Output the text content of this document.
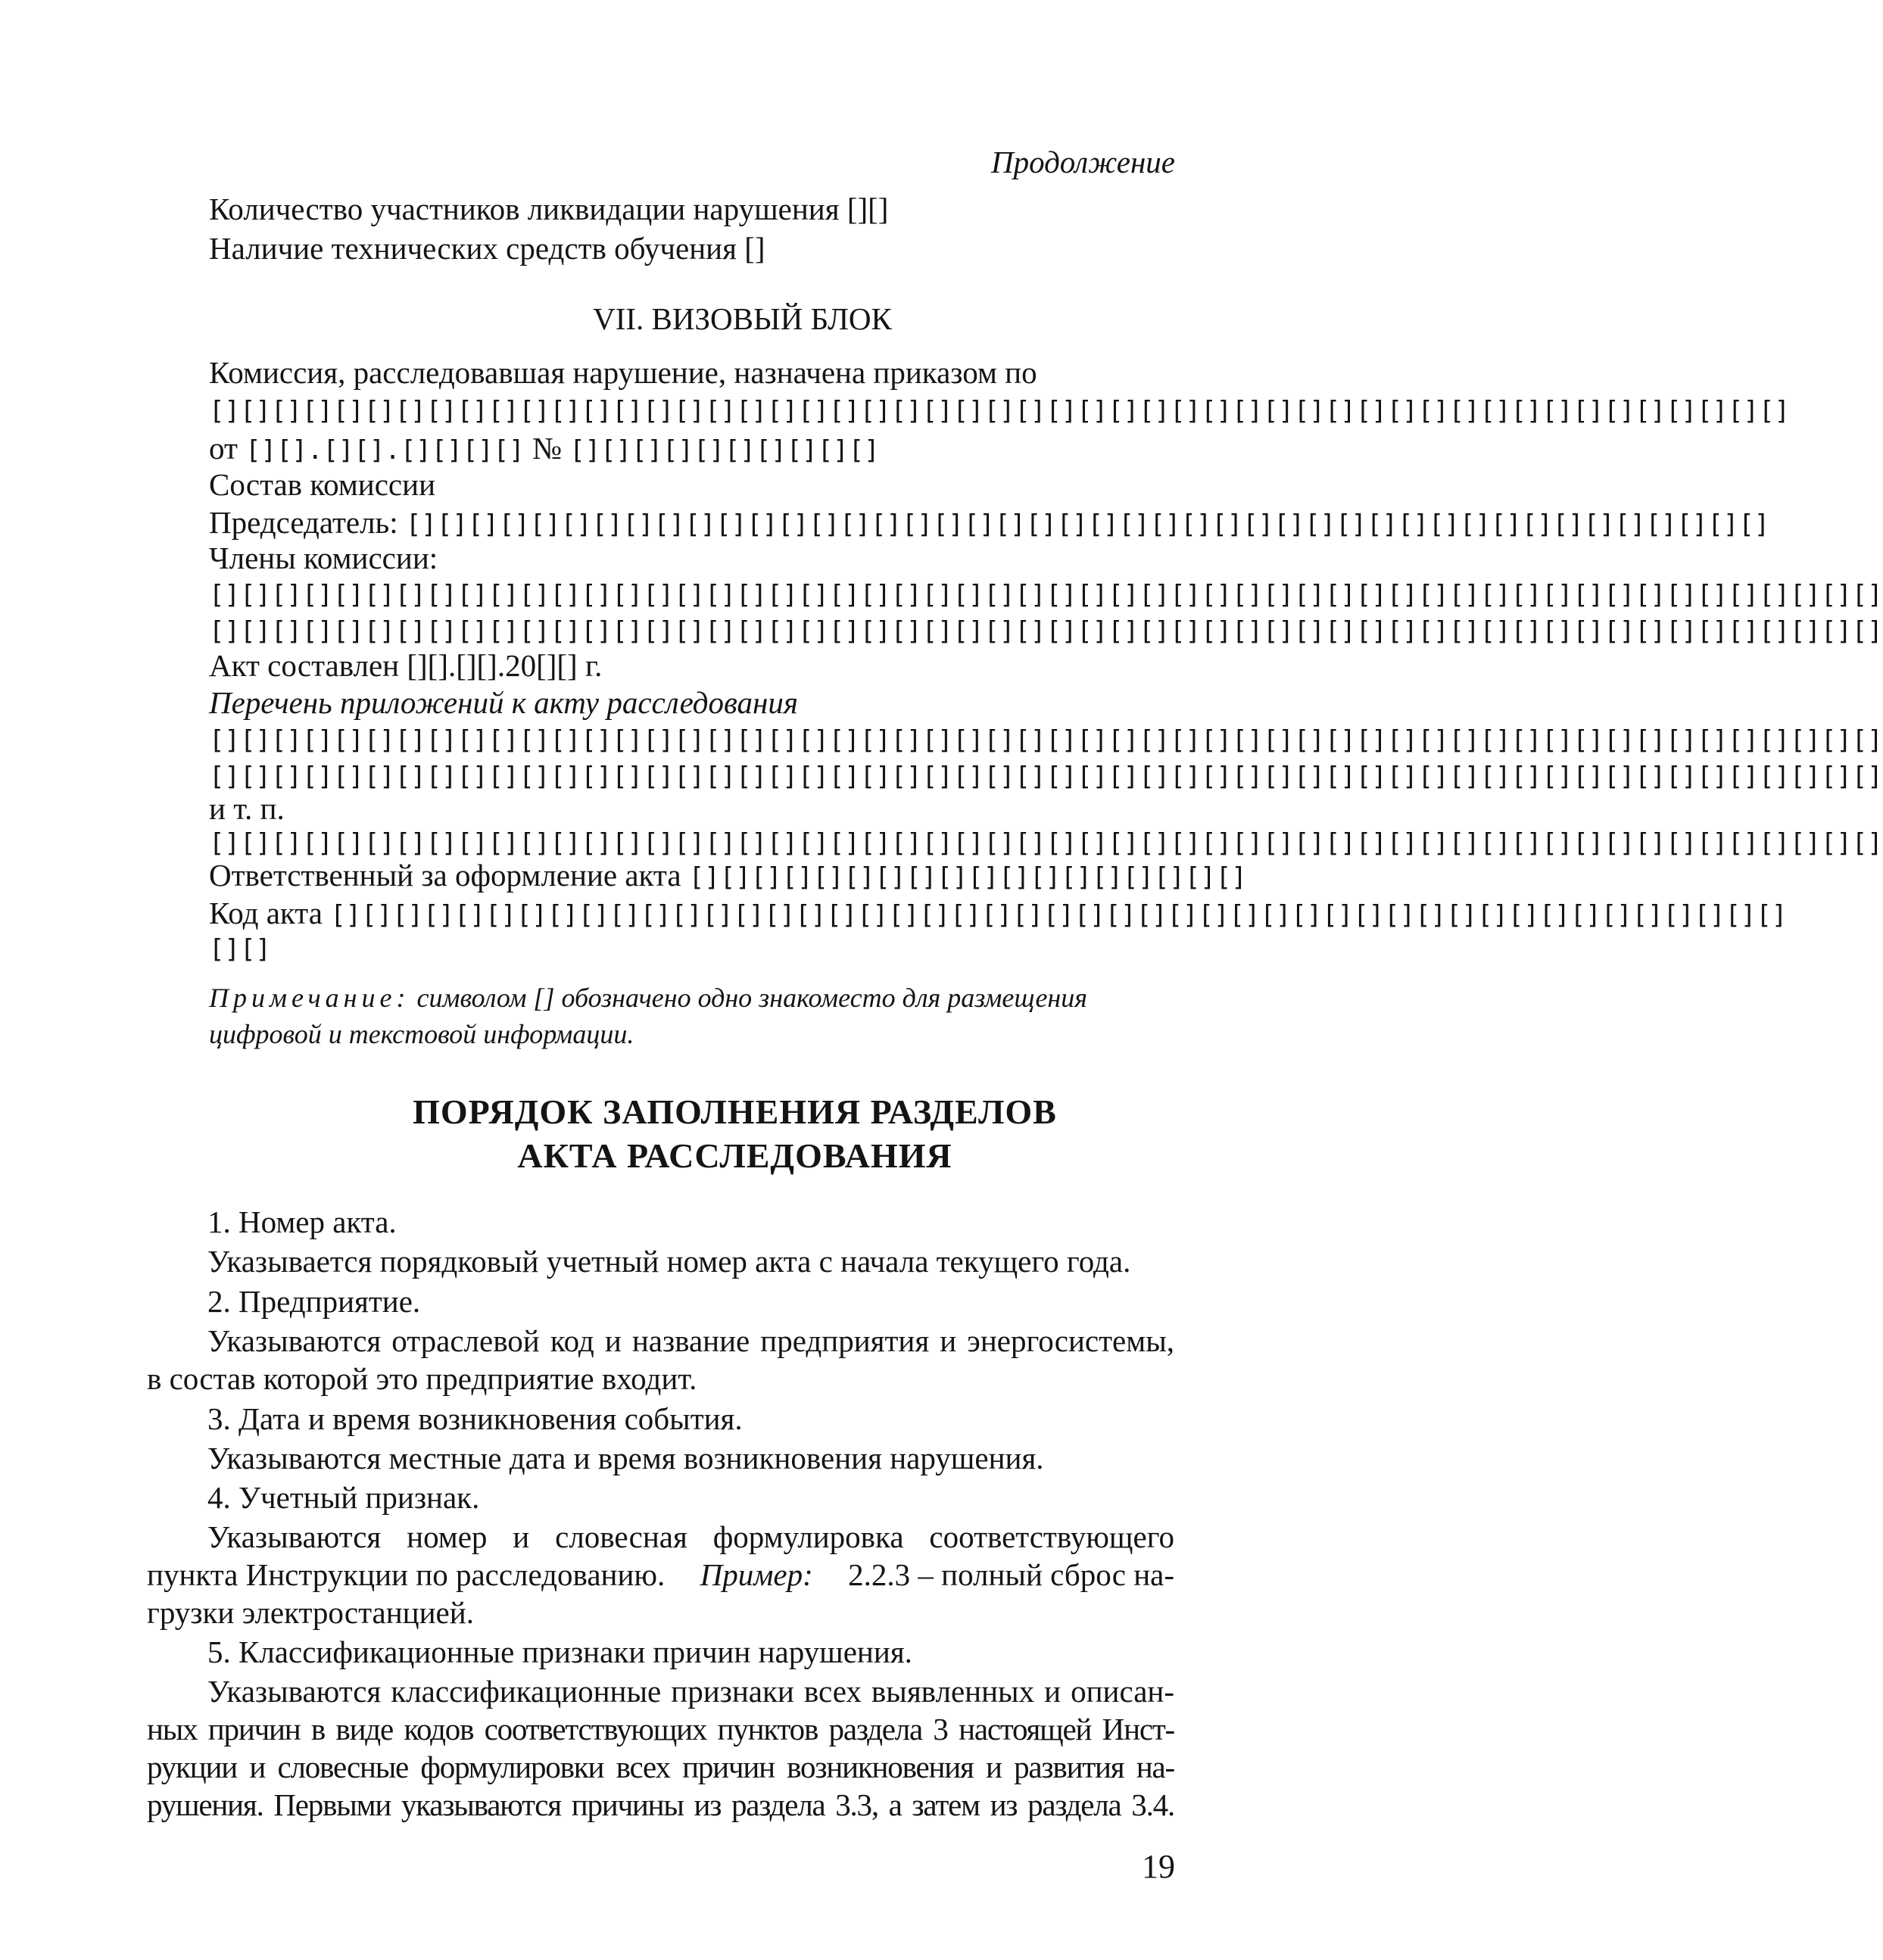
Продолжение
Количество участников ликвидации нарушения [][]
Наличие технических средств обучения []
VII. ВИЗОВЫЙ БЛОК
Комиссия, расследовавшая нарушение, назначена приказом по
[][][][][][][][][][][][][][][][][][][][][][][][][][][][][][][][][][][][][][][][][][][][][][][][][][][]
от [][].[][].[][][][] № [][][][][][][][][][]
Состав комиссии
Председатель: [][][][][][][][][][][][][][][][][][][][][][][][][][][][][][][][][][][][][][][][][][][][]
Члены комиссии:
[][][][][][][][][][][][][][][][][][][][][][][][][][][][][][][][][][][][][][][][][][][][][][][][][][][][][][]
[][][][][][][][][][][][][][][][][][][][][][][][][][][][][][][][][][][][][][][][][][][][][][][][][][][][][][]
Акт составлен [][].[][].20[][] г.
Перечень приложений к акту расследования
[][][][][][][][][][][][][][][][][][][][][][][][][][][][][][][][][][][][][][][][][][][][][][][][][][][][][][]
[][][][][][][][][][][][][][][][][][][][][][][][][][][][][][][][][][][][][][][][][][][][][][][][][][][][][][]
и т. п.
[][][][][][][][][][][][][][][][][][][][][][][][][][][][][][][][][][][][][][][][][][][][][][][][][][][][][][]
Ответственный за оформление акта [][][][][][][][][][][][][][][][][][]
Код акта [][][][][][][][][][][][][][][][][][][][][][][][][][][][][][][][][][][][][][][][][][][][][][][]
[][]
Примечание: символом [] обозначено одно знакоместо для размещения
цифровой и текстовой информации.
ПОРЯДОК ЗАПОЛНЕНИЯ РАЗДЕЛОВ
АКТА РАССЛЕДОВАНИЯ
1. Номер акта.
Указывается порядковый учетный номер акта с начала текущего года.
2. Предприятие.
Указываются отраслевой код и название предприятия и энергосистемы,
в состав которой это предприятие входит.
3. Дата и время возникновения события.
Указываются местные дата и время возникновения нарушения.
4. Учетный признак.
Указываются номер и словесная формулировка соответствующего
пункта Инструкции по расследованию. Пример: 2.2.3 – полный сброс на-
грузки электростанцией.
5. Классификационные признаки причин нарушения.
Указываются классификационные признаки всех выявленных и описан-
ных причин в виде кодов соответствующих пунктов раздела 3 настоящей Инст-
рукции и словесные формулировки всех причин возникновения и развития на-
рушения. Первыми указываются причины из раздела 3.3, а затем из раздела 3.4.
19
